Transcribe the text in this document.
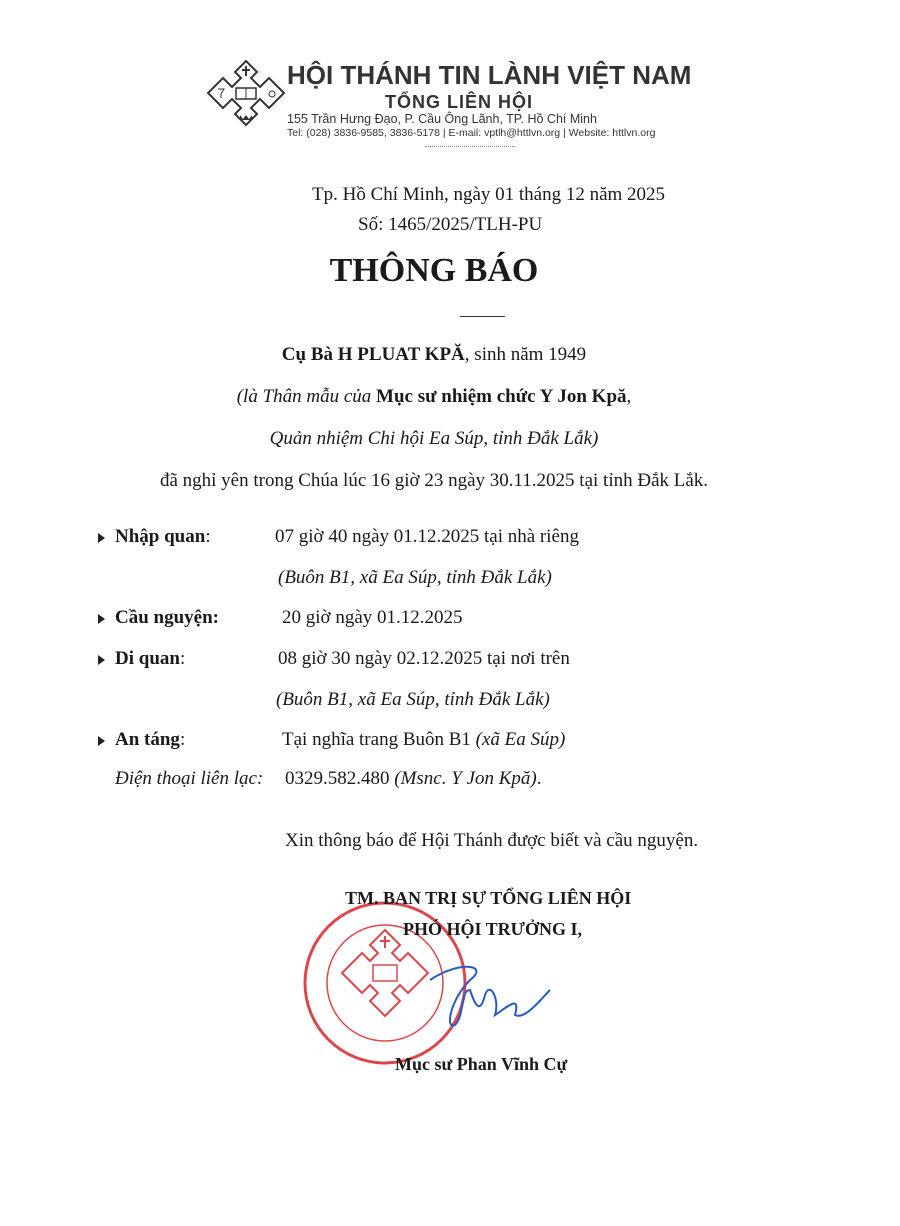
HỘI THÁNH TIN LÀNH VIỆT NAM
TỔNG LIÊN HỘI
155 Trần Hưng Đạo, P. Cầu Ông Lãnh, TP. Hồ Chí Minh
Tel: (028) 3836-9585, 3836-5178 | E-mail: vptlh@httlvn.org | Website: httlvn.org
Tp. Hồ Chí Minh, ngày 01 tháng 12 năm 2025
Số: 1465/2025/TLH-PU
THÔNG BÁO
Cụ Bà H PLUAT KPĂ, sinh năm 1949
(là Thân mẫu của Mục sư nhiệm chức Y Jon Kpă,
Quản nhiệm Chi hội Ea Súp, tỉnh Đắk Lắk)
đã nghỉ yên trong Chúa lúc 16 giờ 23 ngày 30.11.2025 tại tỉnh Đắk Lắk.
Nhập quan:	07 giờ 40 ngày 01.12.2025 tại nhà riêng
(Buôn B1, xã Ea Súp, tỉnh Đắk Lắk)
Cầu nguyện:	20 giờ ngày 01.12.2025
Di quan:	08 giờ 30 ngày 02.12.2025 tại nơi trên
(Buôn B1, xã Ea Súp, tỉnh Đắk Lắk)
An táng:	Tại nghĩa trang Buôn B1 (xã Ea Súp)
Điện thoại liên lạc: 0329.582.480 (Msnc. Y Jon Kpă).
Xin thông báo để Hội Thánh được biết và cầu nguyện.
TM. BAN TRỊ SỰ TỔNG LIÊN HỘI
PHÓ HỘI TRƯỞNG I,
Mục sư Phan Vĩnh Cự
